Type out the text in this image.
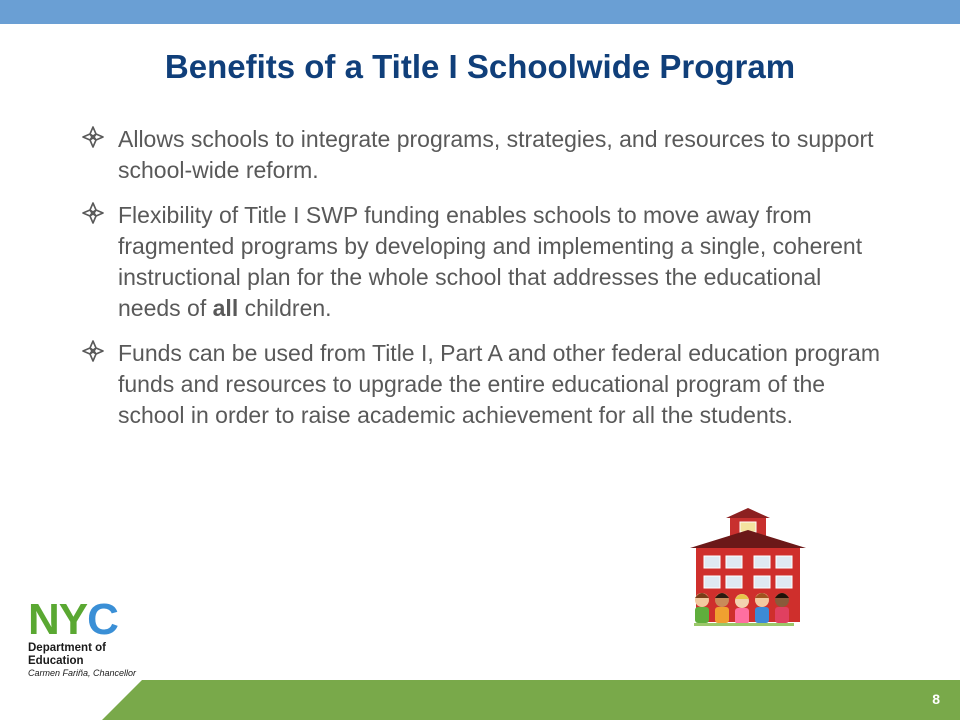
Benefits of a Title I Schoolwide Program
Allows schools to integrate programs, strategies, and resources to support school-wide reform.
Flexibility of Title I SWP funding enables schools to move away from fragmented programs by developing and implementing a single, coherent instructional plan for the whole school that addresses the educational needs of all children.
Funds can be used from Title I, Part A and other federal education program funds and resources to upgrade the entire educational program of the school in order to raise academic achievement for all the students.
N Y C
Department of
Education
Carmen Fariña, Chancellor
8
